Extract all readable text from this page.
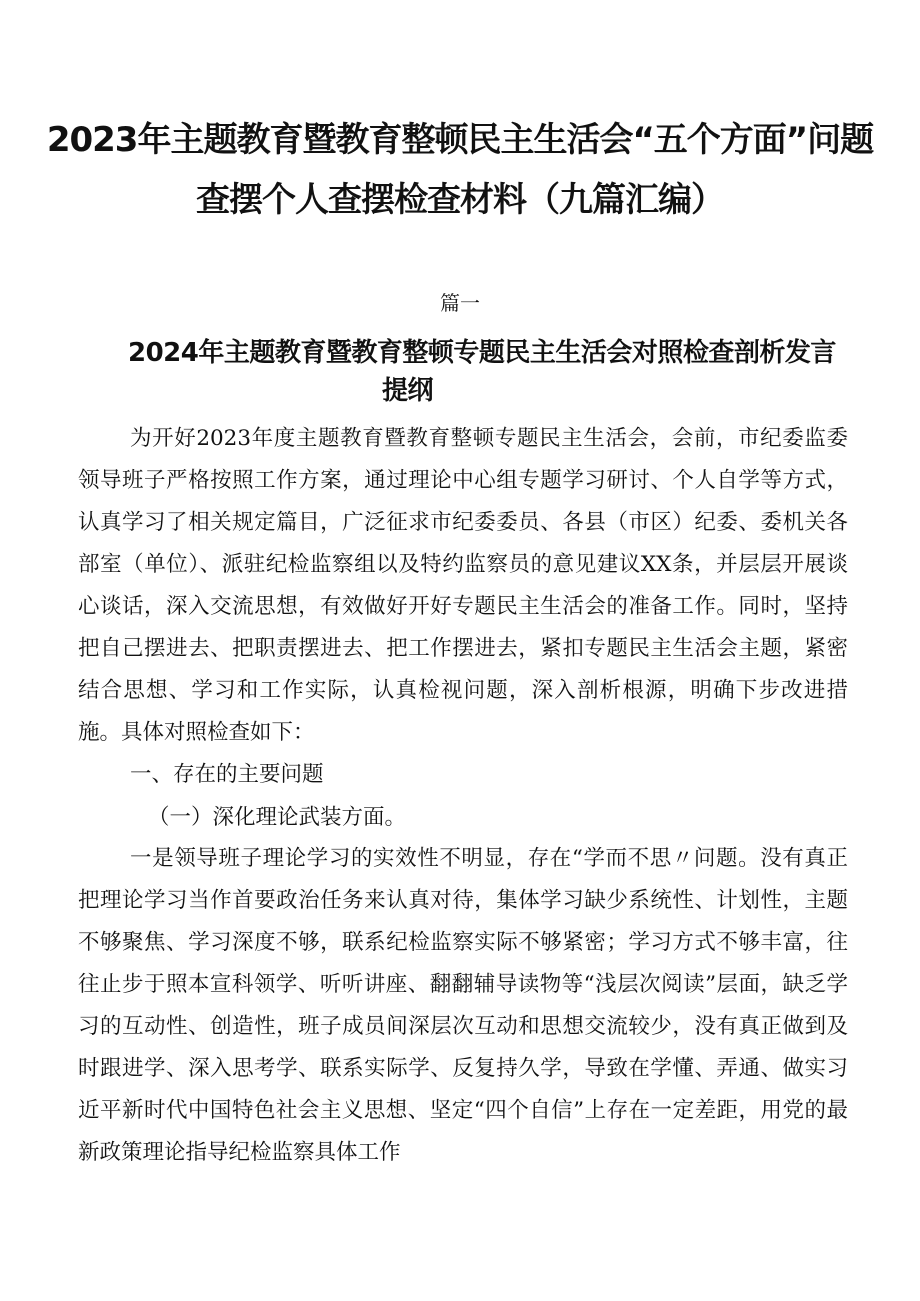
2023年主题教育暨教育整顿民主生活会“五个方面”问题
查摆个人查摆检查材料（九篇汇编）
篇一
2024年主题教育暨教育整顿专题民主生活会对照检查剖析发言
提纲

为开好2023年度主题教育暨教育整顿专题民主生活会，会前，市纪委监委领导班子严格按照工作方案，通过理论中心组专题学习研讨、个人自学等方式，认真学习了相关规定篇目，广泛征求市纪委委员、各县（市区）纪委、委机关各部室（单位）、派驻纪检监察组以及特约监察员的意见建议XX条，并层层开展谈心谈话，深入交流思想，有效做好开好专题民主生活会的准备工作。同时，坚持把自己摆进去、把职责摆进去、把工作摆进去，紧扣专题民主生活会主题，紧密结合思想、学习和工作实际，认真检视问题，深入剖析根源，明确下步改进措施。具体对照检查如下：

一、存在的主要问题
（一）深化理论武装方面。

一是领导班子理论学习的实效性不明显，存在“学而不思〃问题。没有真正把理论学习当作首要政治任务来认真对待，集体学习缺少系统性、计划性，主题不够聚焦、学习深度不够，联系纪检监察实际不够紧密；学习方式不够丰富，往往止步于照本宣科领学、听听讲座、翻翻辅导读物等“浅层次阅读”层面，缺乏学习的互动性、创造性，班子成员间深层次互动和思想交流较少，没有真正做到及时跟进学、深入思考学、联系实际学、反复持久学，导致在学懂、弄通、做实习近平新时代中国特色社会主义思想、坚定“四个自信”上存在一定差距，用党的最新政策理论指导纪检监察具体工作
